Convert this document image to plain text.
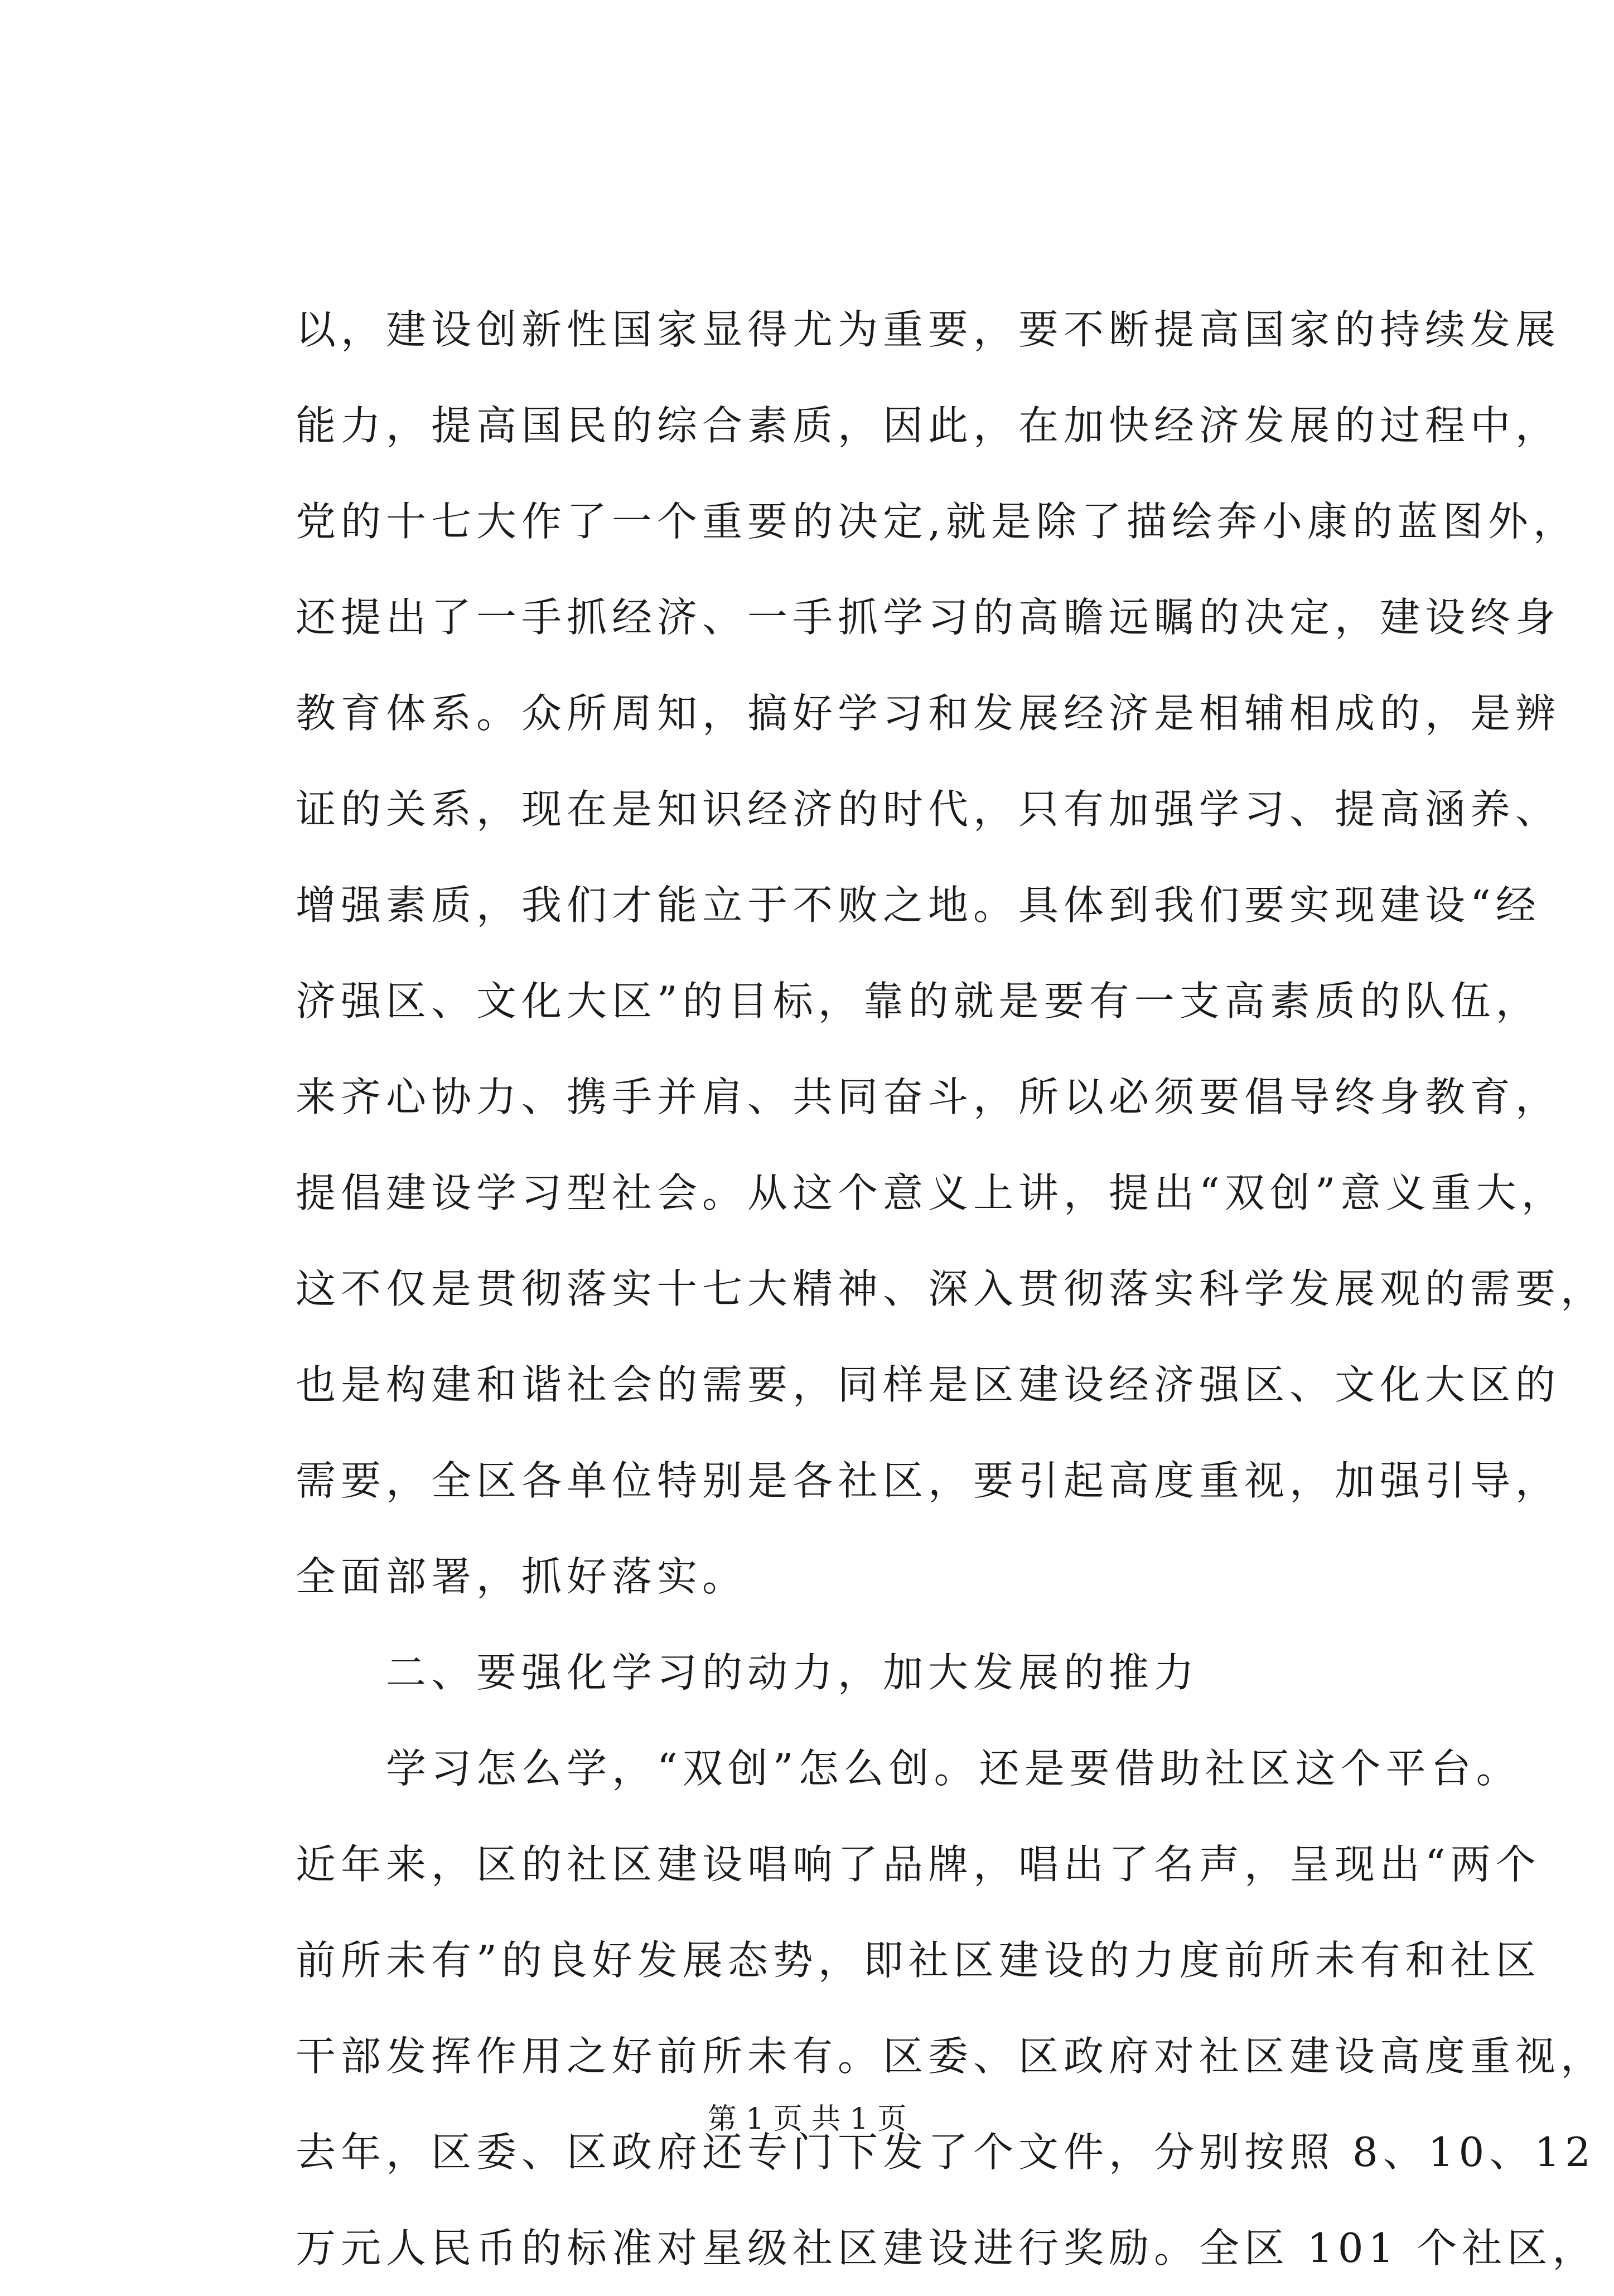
以，建设创新性国家显得尤为重要，要不断提高国家的持续发展
能力，提高国民的综合素质，因此，在加快经济发展的过程中，
党的十七大作了一个重要的决定,就是除了描绘奔小康的蓝图外，
还提出了一手抓经济、一手抓学习的高瞻远瞩的决定，建设终身
教育体系。众所周知，搞好学习和发展经济是相辅相成的，是辨
证的关系，现在是知识经济的时代，只有加强学习、提高涵养、
增强素质，我们才能立于不败之地。具体到我们要实现建设“经
济强区、文化大区”的目标，靠的就是要有一支高素质的队伍，
来齐心协力、携手并肩、共同奋斗，所以必须要倡导终身教育，
提倡建设学习型社会。从这个意义上讲，提出“双创”意义重大，
这不仅是贯彻落实十七大精神、深入贯彻落实科学发展观的需要，
也是构建和谐社会的需要，同样是区建设经济强区、文化大区的
需要，全区各单位特别是各社区，要引起高度重视，加强引导，
全面部署，抓好落实。
　　二、要强化学习的动力，加大发展的推力
　　学习怎么学，“双创”怎么创。还是要借助社区这个平台。
近年来，区的社区建设唱响了品牌，唱出了名声，呈现出“两个
前所未有”的良好发展态势，即社区建设的力度前所未有和社区
干部发挥作用之好前所未有。区委、区政府对社区建设高度重视，
去年，区委、区政府还专门下发了个文件，分别按照 8、10、12
万元人民币的标准对星级社区建设进行奖励。全区 101 个社区，
第 1 页 共 1 页
